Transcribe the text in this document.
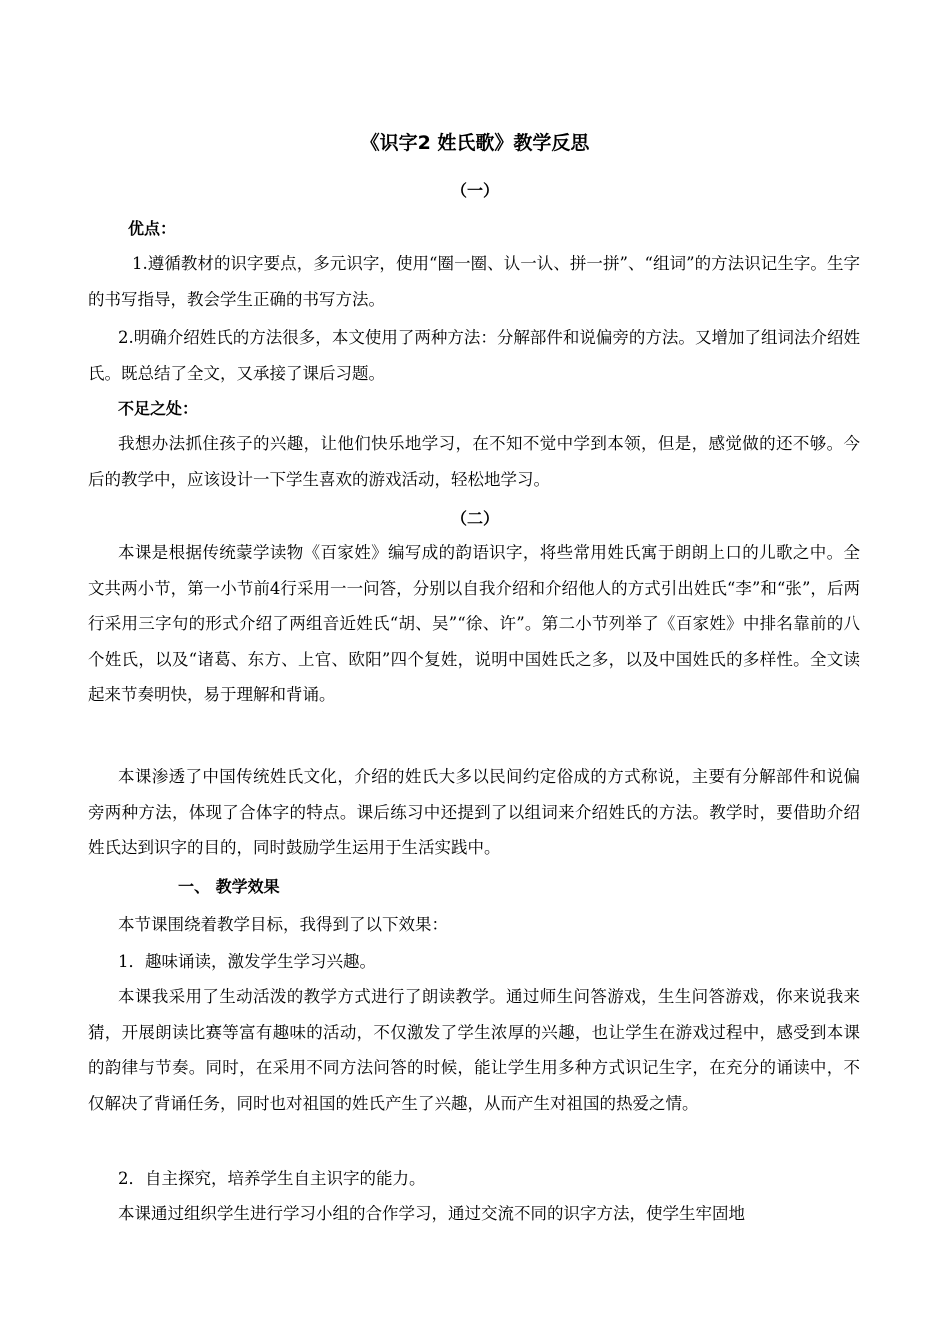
《识字2 姓氏歌》教学反思
（一）
优点：
1.遵循教材的识字要点，多元识字，使用“圈一圈、认一认、拼一拼”、“组词”的方法识记生字。生字的书写指导，教会学生正确的书写方法。
2.明确介绍姓氏的方法很多，本文使用了两种方法：分解部件和说偏旁的方法。又增加了组词法介绍姓氏。既总结了全文，又承接了课后习题。
不足之处：
我想办法抓住孩子的兴趣，让他们快乐地学习，在不知不觉中学到本领，但是，感觉做的还不够。今后的教学中，应该设计一下学生喜欢的游戏活动，轻松地学习。
（二）
本课是根据传统蒙学读物《百家姓》编写成的韵语识字，将些常用姓氏寓于朗朗上口的儿歌之中。全文共两小节，第一小节前4行采用一一问答，分别以自我介绍和介绍他人的方式引出姓氏“李”和“张”，后两行采用三字句的形式介绍了两组音近姓氏“胡、吴”“徐、许”。第二小节列举了《百家姓》中排名靠前的八个姓氏，以及“诸葛、东方、上官、欧阳”四个复姓，说明中国姓氏之多，以及中国姓氏的多样性。全文读起来节奏明快，易于理解和背诵。
本课渗透了中国传统姓氏文化，介绍的姓氏大多以民间约定俗成的方式称说，主要有分解部件和说偏旁两种方法，体现了合体字的特点。课后练习中还提到了以组词来介绍姓氏的方法。教学时，要借助介绍姓氏达到识字的目的，同时鼓励学生运用于生活实践中。
一、 教学效果
本节课围绕着教学目标，我得到了以下效果：
1．趣味诵读，激发学生学习兴趣。
本课我采用了生动活泼的教学方式进行了朗读教学。通过师生问答游戏，生生问答游戏，你来说我来猜，开展朗读比赛等富有趣味的活动，不仅激发了学生浓厚的兴趣，也让学生在游戏过程中，感受到本课的韵律与节奏。同时，在采用不同方法问答的时候，能让学生用多种方式识记生字，在充分的诵读中，不仅解决了背诵任务，同时也对祖国的姓氏产生了兴趣，从而产生对祖国的热爱之情。
2．自主探究，培养学生自主识字的能力。
本课通过组织学生进行学习小组的合作学习，通过交流不同的识字方法，使学生牢固地
